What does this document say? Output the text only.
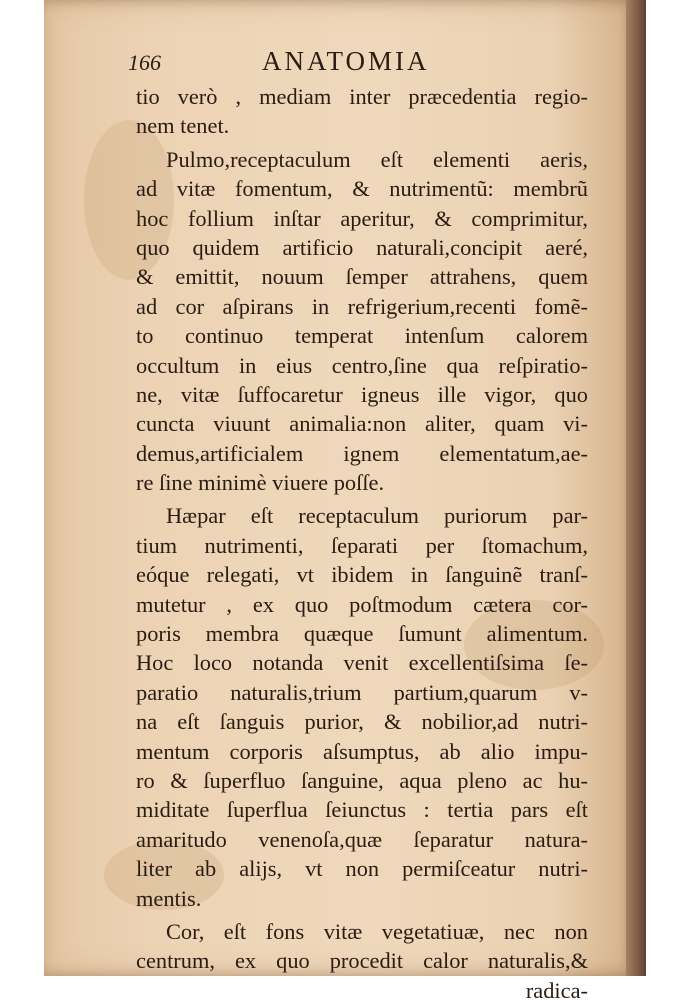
166	ANATOMIA
tio verò , mediam inter præcedentia regio-
nem tenet.
Pulmo,receptaculum eſt elementi aeris,
ad vitæ fomentum, & nutrimentũ: membrũ
hoc follium inſtar aperitur, & comprimitur,
quo quidem artificio naturali,concipit aeré,
& emittit, nouum ſemper attrahens, quem
ad cor aſpirans in refrigerium,recenti fomẽ-
to continuo temperat intenſum calorem
occultum in eius centro,ſine qua reſpiratio-
ne, vitæ ſuffocaretur igneus ille vigor, quo
cuncta viuunt animalia:non aliter, quam vi-
demus,artificialem ignem elementatum,ae-
re ſine minimè viuere poſſe.
Hæpar eſt receptaculum puriorum par-
tium nutrimenti, ſeparati per ſtomachum,
eóque relegati, vt ibidem in ſanguinẽ tranſ-
mutetur , ex quo poſtmodum cætera cor-
poris membra quæque ſumunt alimentum.
Hoc loco notanda venit excellentiſsima ſe-
paratio naturalis,trium partium,quarum v-
na eſt ſanguis purior, & nobilior,ad nutri-
mentum corporis aſsumptus, ab alio impu-
ro & ſuperfluo ſanguine, aqua pleno ac hu-
miditate ſuperflua ſeiunctus : tertia pars eſt
amaritudo venenoſa,quæ ſeparatur natura-
liter ab alijs, vt non permiſceatur nutri-
mentis.
Cor, eſt fons vitæ vegetatiuæ, nec non
centrum, ex quo procedit calor naturalis,&
radica-
